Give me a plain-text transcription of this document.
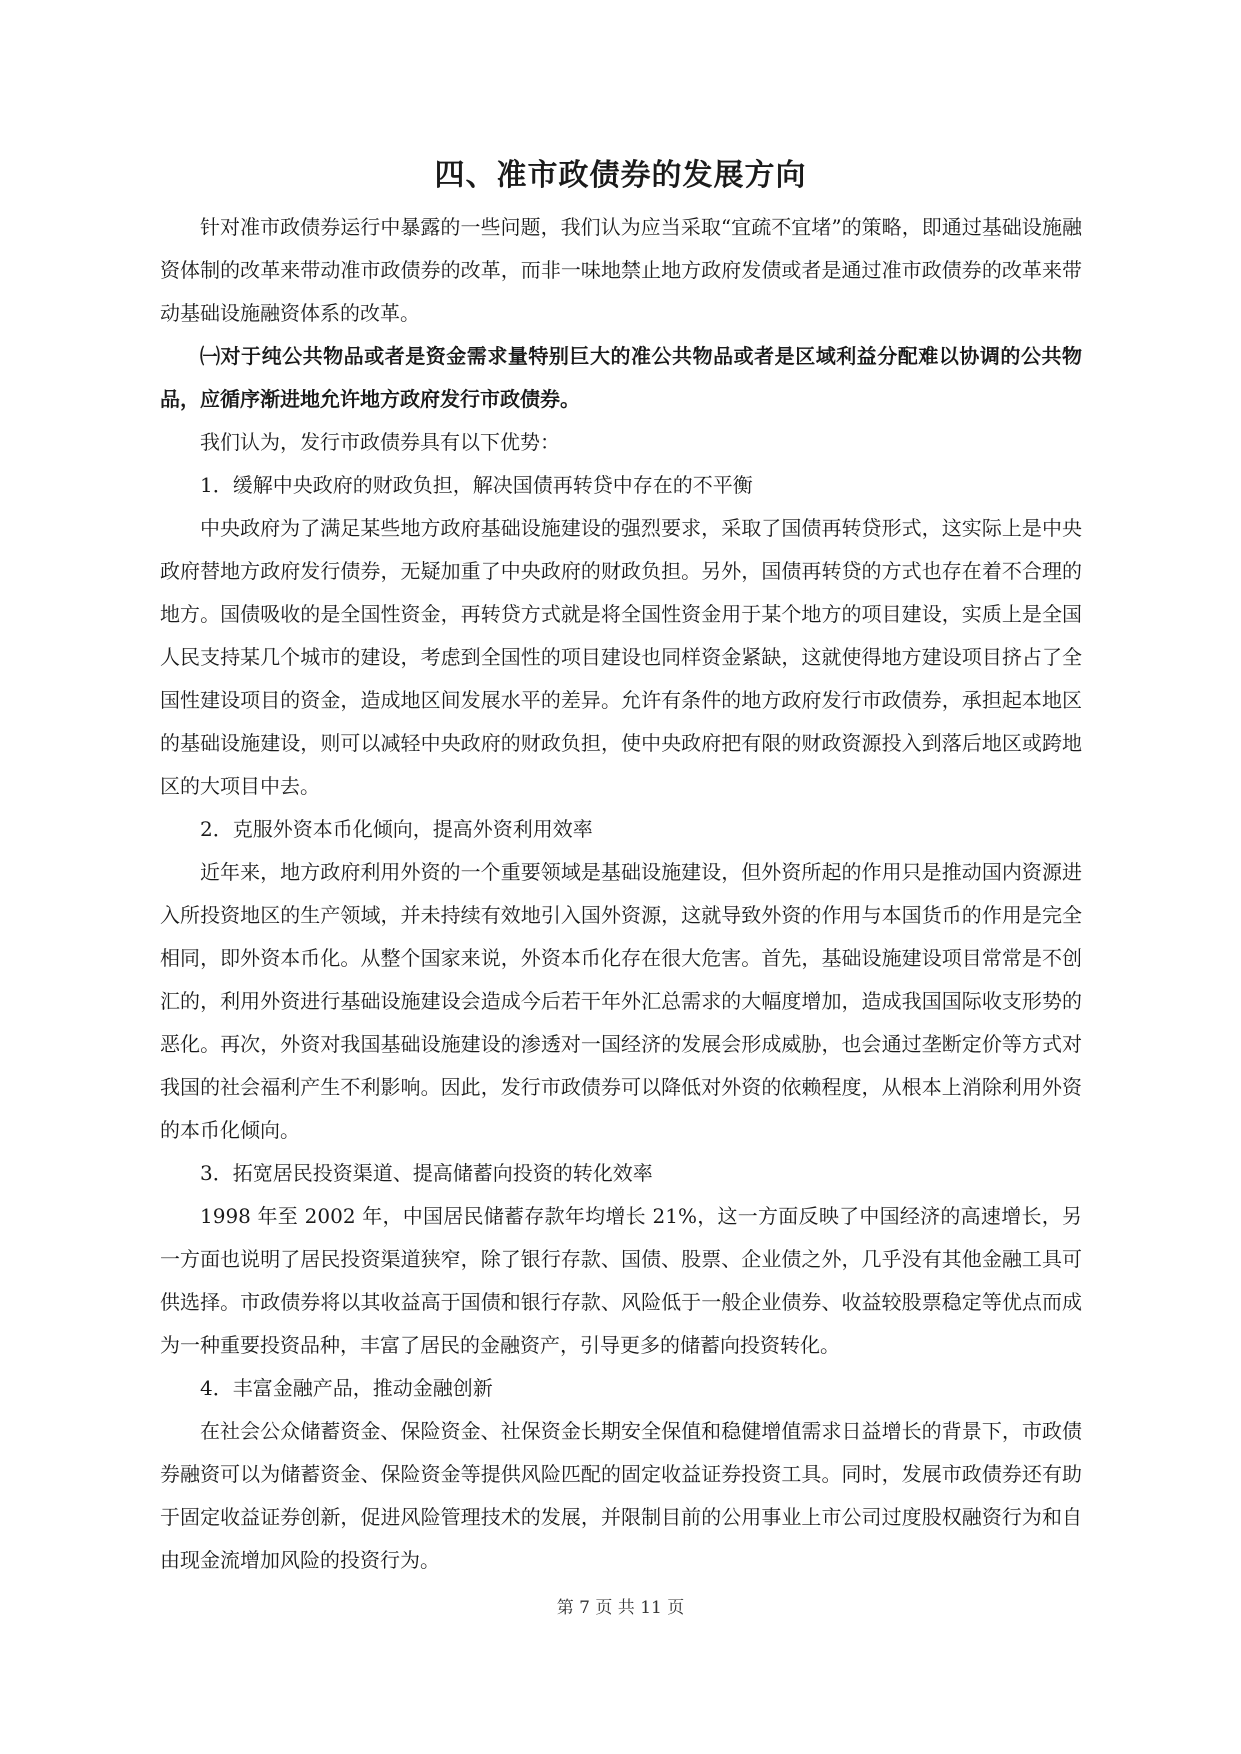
四、准市政债券的发展方向

针对准市政债券运行中暴露的一些问题，我们认为应当采取“宜疏不宜堵”的策略，即通过基础设施融资体制的改革来带动准市政债券的改革，而非一味地禁止地方政府发债或者是通过准市政债券的改革来带动基础设施融资体系的改革。

㈠对于纯公共物品或者是资金需求量特别巨大的准公共物品或者是区域利益分配难以协调的公共物品，应循序渐进地允许地方政府发行市政债券。

我们认为，发行市政债券具有以下优势：

1．缓解中央政府的财政负担，解决国债再转贷中存在的不平衡

中央政府为了满足某些地方政府基础设施建设的强烈要求，采取了国债再转贷形式，这实际上是中央政府替地方政府发行债券，无疑加重了中央政府的财政负担。另外，国债再转贷的方式也存在着不合理的地方。国债吸收的是全国性资金，再转贷方式就是将全国性资金用于某个地方的项目建设，实质上是全国人民支持某几个城市的建设，考虑到全国性的项目建设也同样资金紧缺，这就使得地方建设项目挤占了全国性建设项目的资金，造成地区间发展水平的差异。允许有条件的地方政府发行市政债券，承担起本地区的基础设施建设，则可以减轻中央政府的财政负担，使中央政府把有限的财政资源投入到落后地区或跨地区的大项目中去。

2．克服外资本币化倾向，提高外资利用效率

近年来，地方政府利用外资的一个重要领域是基础设施建设，但外资所起的作用只是推动国内资源进入所投资地区的生产领域，并未持续有效地引入国外资源，这就导致外资的作用与本国货币的作用是完全相同，即外资本币化。从整个国家来说，外资本币化存在很大危害。首先，基础设施建设项目常常是不创汇的，利用外资进行基础设施建设会造成今后若干年外汇总需求的大幅度增加，造成我国国际收支形势的恶化。再次，外资对我国基础设施建设的渗透对一国经济的发展会形成威胁，也会通过垄断定价等方式对我国的社会福利产生不利影响。因此，发行市政债券可以降低对外资的依赖程度，从根本上消除利用外资的本币化倾向。

3．拓宽居民投资渠道、提高储蓄向投资的转化效率

1998 年至 2002 年，中国居民储蓄存款年均增长 21%，这一方面反映了中国经济的高速增长，另一方面也说明了居民投资渠道狭窄，除了银行存款、国债、股票、企业债之外，几乎没有其他金融工具可供选择。市政债券将以其收益高于国债和银行存款、风险低于一般企业债券、收益较股票稳定等优点而成为一种重要投资品种，丰富了居民的金融资产，引导更多的储蓄向投资转化。

4．丰富金融产品，推动金融创新

在社会公众储蓄资金、保险资金、社保资金长期安全保值和稳健增值需求日益增长的背景下，市政债券融资可以为储蓄资金、保险资金等提供风险匹配的固定收益证券投资工具。同时，发展市政债券还有助于固定收益证券创新，促进风险管理技术的发展，并限制目前的公用事业上市公司过度股权融资行为和自由现金流增加风险的投资行为。

第 7 页 共 11 页
